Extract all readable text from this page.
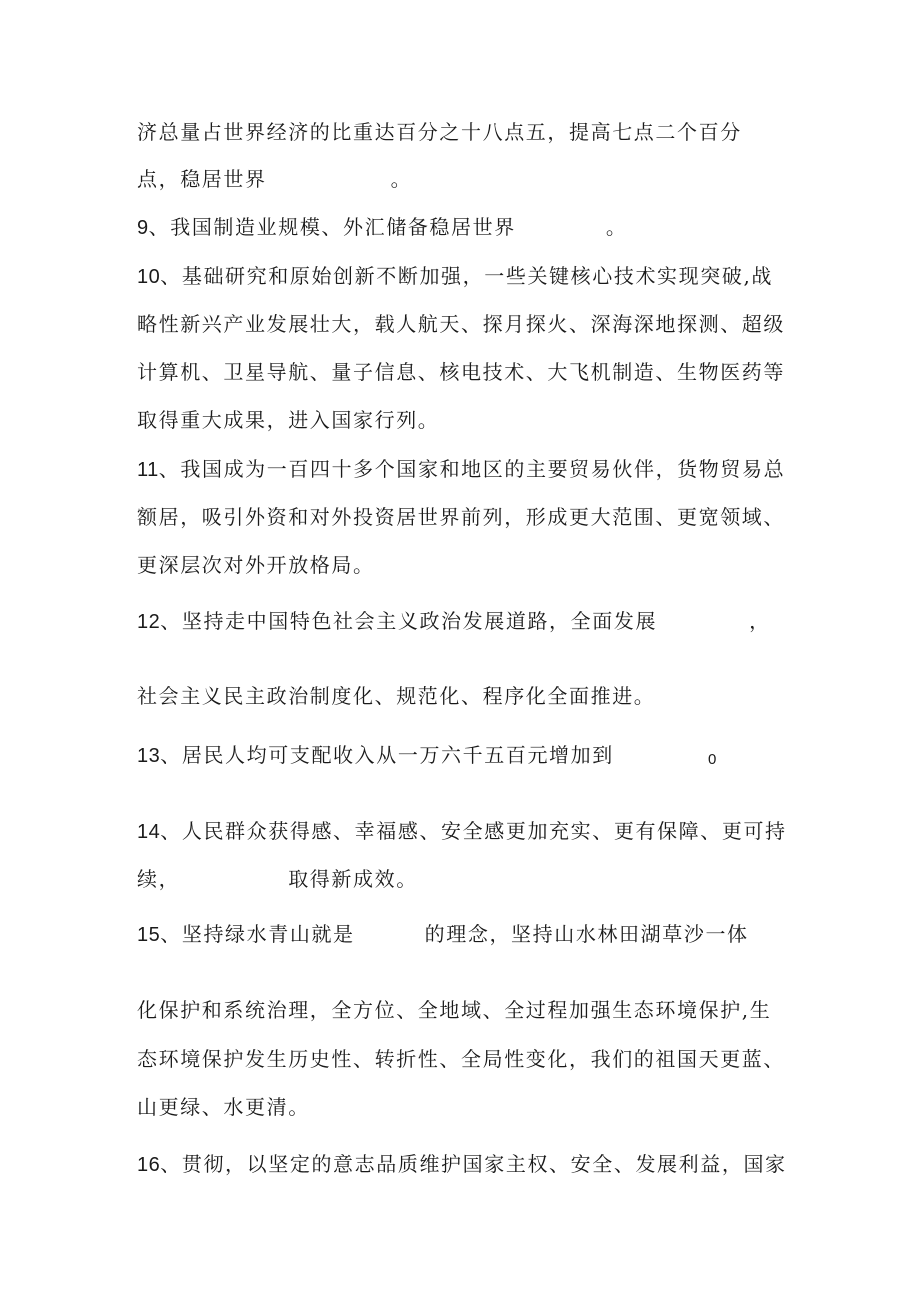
济总量占世界经济的比重达百分之十八点五，提高七点二个百分
点，稳居世界	。
9、我国制造业规模、外汇储备稳居世界	。
10、基础研究和原始创新不断加强，一些关键核心技术实现突破,战
略性新兴产业发展壮大，载人航天、探月探火、深海深地探测、超级
计算机、卫星导航、量子信息、核电技术、大飞机制造、生物医药等
取得重大成果，进入国家行列。
11、我国成为一百四十多个国家和地区的主要贸易伙伴，货物贸易总
额居，吸引外资和对外投资居世界前列，形成更大范围、更宽领域、
更深层次对外开放格局。
12、坚持走中国特色社会主义政治发展道路，全面发展	，
社会主义民主政治制度化、规范化、程序化全面推进。
13、居民人均可支配收入从一万六千五百元增加到	0
14、人民群众获得感、幸福感、安全感更加充实、更有保障、更可持
续，	取得新成效。
15、坚持绿水青山就是	的理念，坚持山水林田湖草沙一体
化保护和系统治理，全方位、全地域、全过程加强生态环境保护,生
态环境保护发生历史性、转折性、全局性变化，我们的祖国天更蓝、
山更绿、水更清。
16、贯彻，以坚定的意志品质维护国家主权、安全、发展利益，国家
